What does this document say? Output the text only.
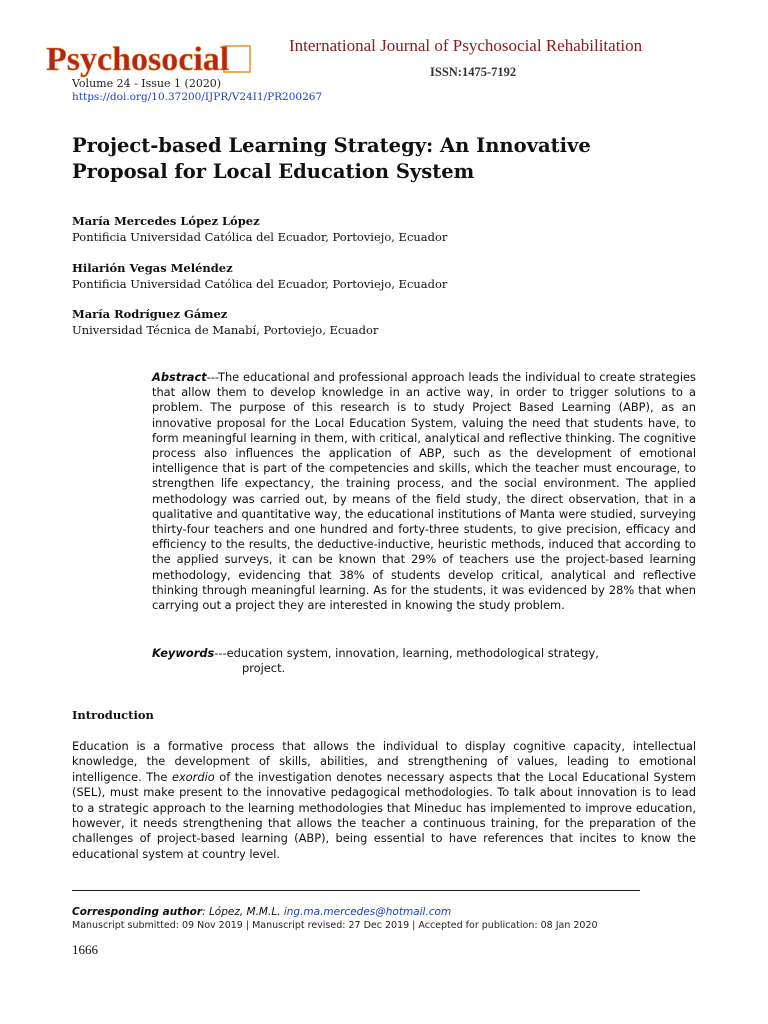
Psychosocial	International Journal of Psychosocial Rehabilitation
ISSN:1475-7192
Volume 24 - Issue 1 (2020)
https://doi.org/10.37200/IJPR/V24I1/PR200267
Project-based Learning Strategy: An Innovative Proposal for Local Education System
María Mercedes López López
Pontificia Universidad Católica del Ecuador, Portoviejo, Ecuador
Hilarión Vegas Meléndez
Pontificia Universidad Católica del Ecuador, Portoviejo, Ecuador
María Rodríguez Gámez
Universidad Técnica de Manabí, Portoviejo, Ecuador

Abstract---The educational and professional approach leads the individual to create strategies that allow them to develop knowledge in an active way, in order to trigger solutions to a problem. The purpose of this research is to study Project Based Learning (ABP), as an innovative proposal for the Local Education System, valuing the need that students have, to form meaningful learning in them, with critical, analytical and reflective thinking. The cognitive process also influences the application of ABP, such as the development of emotional intelligence that is part of the competencies and skills, which the teacher must encourage, to strengthen life expectancy, the training process, and the social environment. The applied methodology was carried out, by means of the field study, the direct observation, that in a qualitative and quantitative way, the educational institutions of Manta were studied, surveying thirty-four teachers and one hundred and forty-three students, to give precision, efficacy and efficiency to the results, the deductive-inductive, heuristic methods, induced that according to the applied surveys, it can be known that 29% of teachers use the project-based learning methodology, evidencing that 38% of students develop critical, analytical and reflective thinking through meaningful learning. As for the students, it was evidenced by 28% that when carrying out a project they are interested in knowing the study problem.

Keywords---education system, innovation, learning, methodological strategy,
project.
Introduction

Education is a formative process that allows the individual to display cognitive capacity, intellectual knowledge, the development of skills, abilities, and strengthening of values, leading to emotional intelligence. The exordio of the investigation denotes necessary aspects that the Local Educational System (SEL), must make present to the innovative pedagogical methodologies. To talk about innovation is to lead to a strategic approach to the learning methodologies that Mineduc has implemented to improve education, however, it needs strengthening that allows the teacher a continuous training, for the preparation of the challenges of project-based learning (ABP), being essential to have references that incites to know the educational system at country level.

Corresponding author: López, M.M.L. ing.ma.mercedes@hotmail.com
Manuscript submitted: 09 Nov 2019 | Manuscript revised: 27 Dec 2019 | Accepted for publication: 08 Jan 2020
1666
